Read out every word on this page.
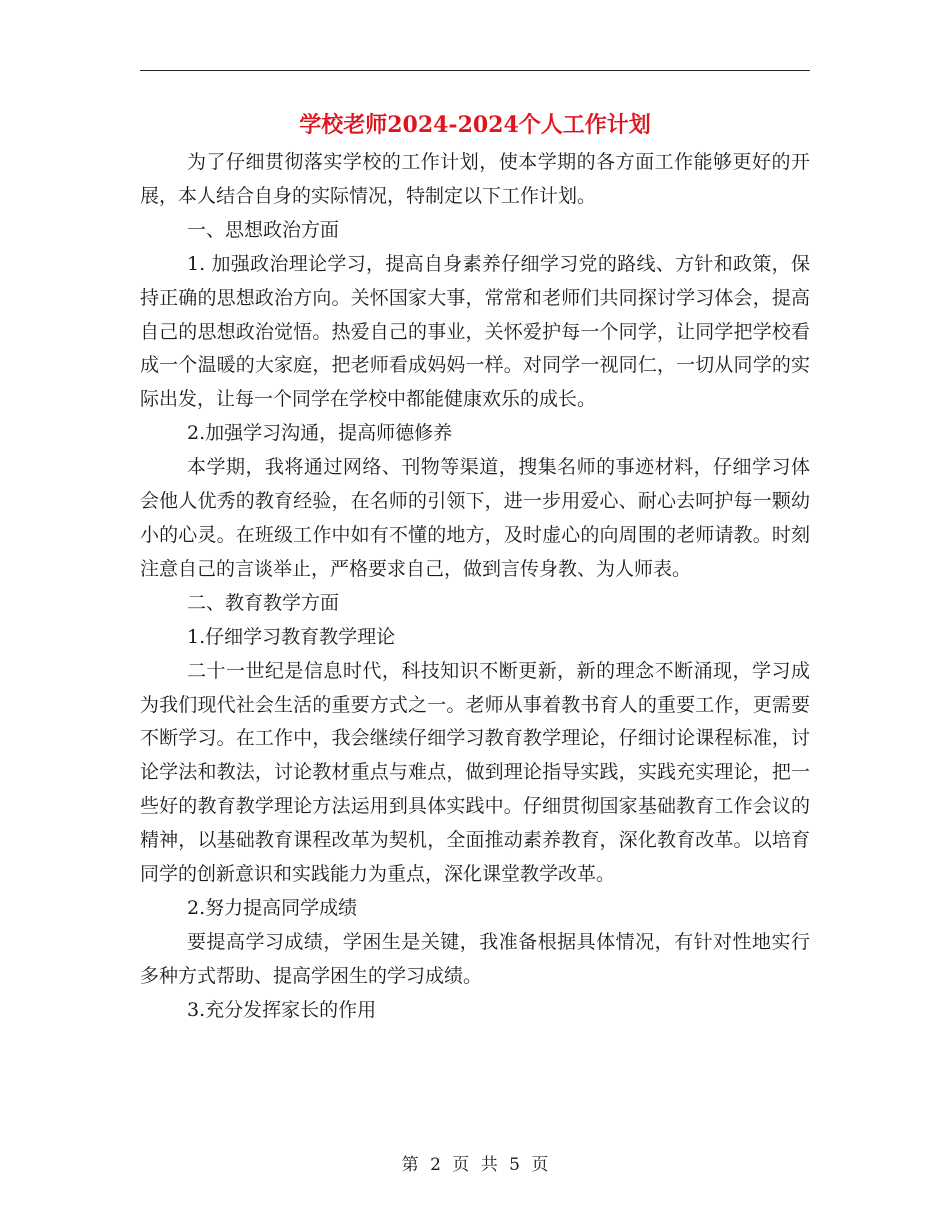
学校老师2024-2024个人工作计划

为了仔细贯彻落实学校的工作计划，使本学期的各方面工作能够更好的开展，本人结合自身的实际情况，特制定以下工作计划。

一、思想政治方面

1. 加强政治理论学习，提高自身素养仔细学习党的路线、方针和政策，保持正确的思想政治方向。关怀国家大事，常常和老师们共同探讨学习体会，提高自己的思想政治觉悟。热爱自己的事业，关怀爱护每一个同学，让同学把学校看成一个温暖的大家庭，把老师看成妈妈一样。对同学一视同仁，一切从同学的实际出发，让每一个同学在学校中都能健康欢乐的成长。

2.加强学习沟通，提高师德修养

本学期，我将通过网络、刊物等渠道，搜集名师的事迹材料，仔细学习体会他人优秀的教育经验，在名师的引领下，进一步用爱心、耐心去呵护每一颗幼小的心灵。在班级工作中如有不懂的地方，及时虚心的向周围的老师请教。时刻注意自己的言谈举止，严格要求自己，做到言传身教、为人师表。

二、教育教学方面

1.仔细学习教育教学理论

二十一世纪是信息时代，科技知识不断更新，新的理念不断涌现，学习成为我们现代社会生活的重要方式之一。老师从事着教书育人的重要工作，更需要不断学习。在工作中，我会继续仔细学习教育教学理论，仔细讨论课程标准，讨论学法和教法，讨论教材重点与难点，做到理论指导实践，实践充实理论，把一些好的教育教学理论方法运用到具体实践中。仔细贯彻国家基础教育工作会议的精神，以基础教育课程改革为契机，全面推动素养教育，深化教育改革。以培育同学的创新意识和实践能力为重点，深化课堂教学改革。

2.努力提高同学成绩

要提高学习成绩，学困生是关键，我准备根据具体情况，有针对性地实行多种方式帮助、提高学困生的学习成绩。

3.充分发挥家长的作用

第 2 页 共 5 页
